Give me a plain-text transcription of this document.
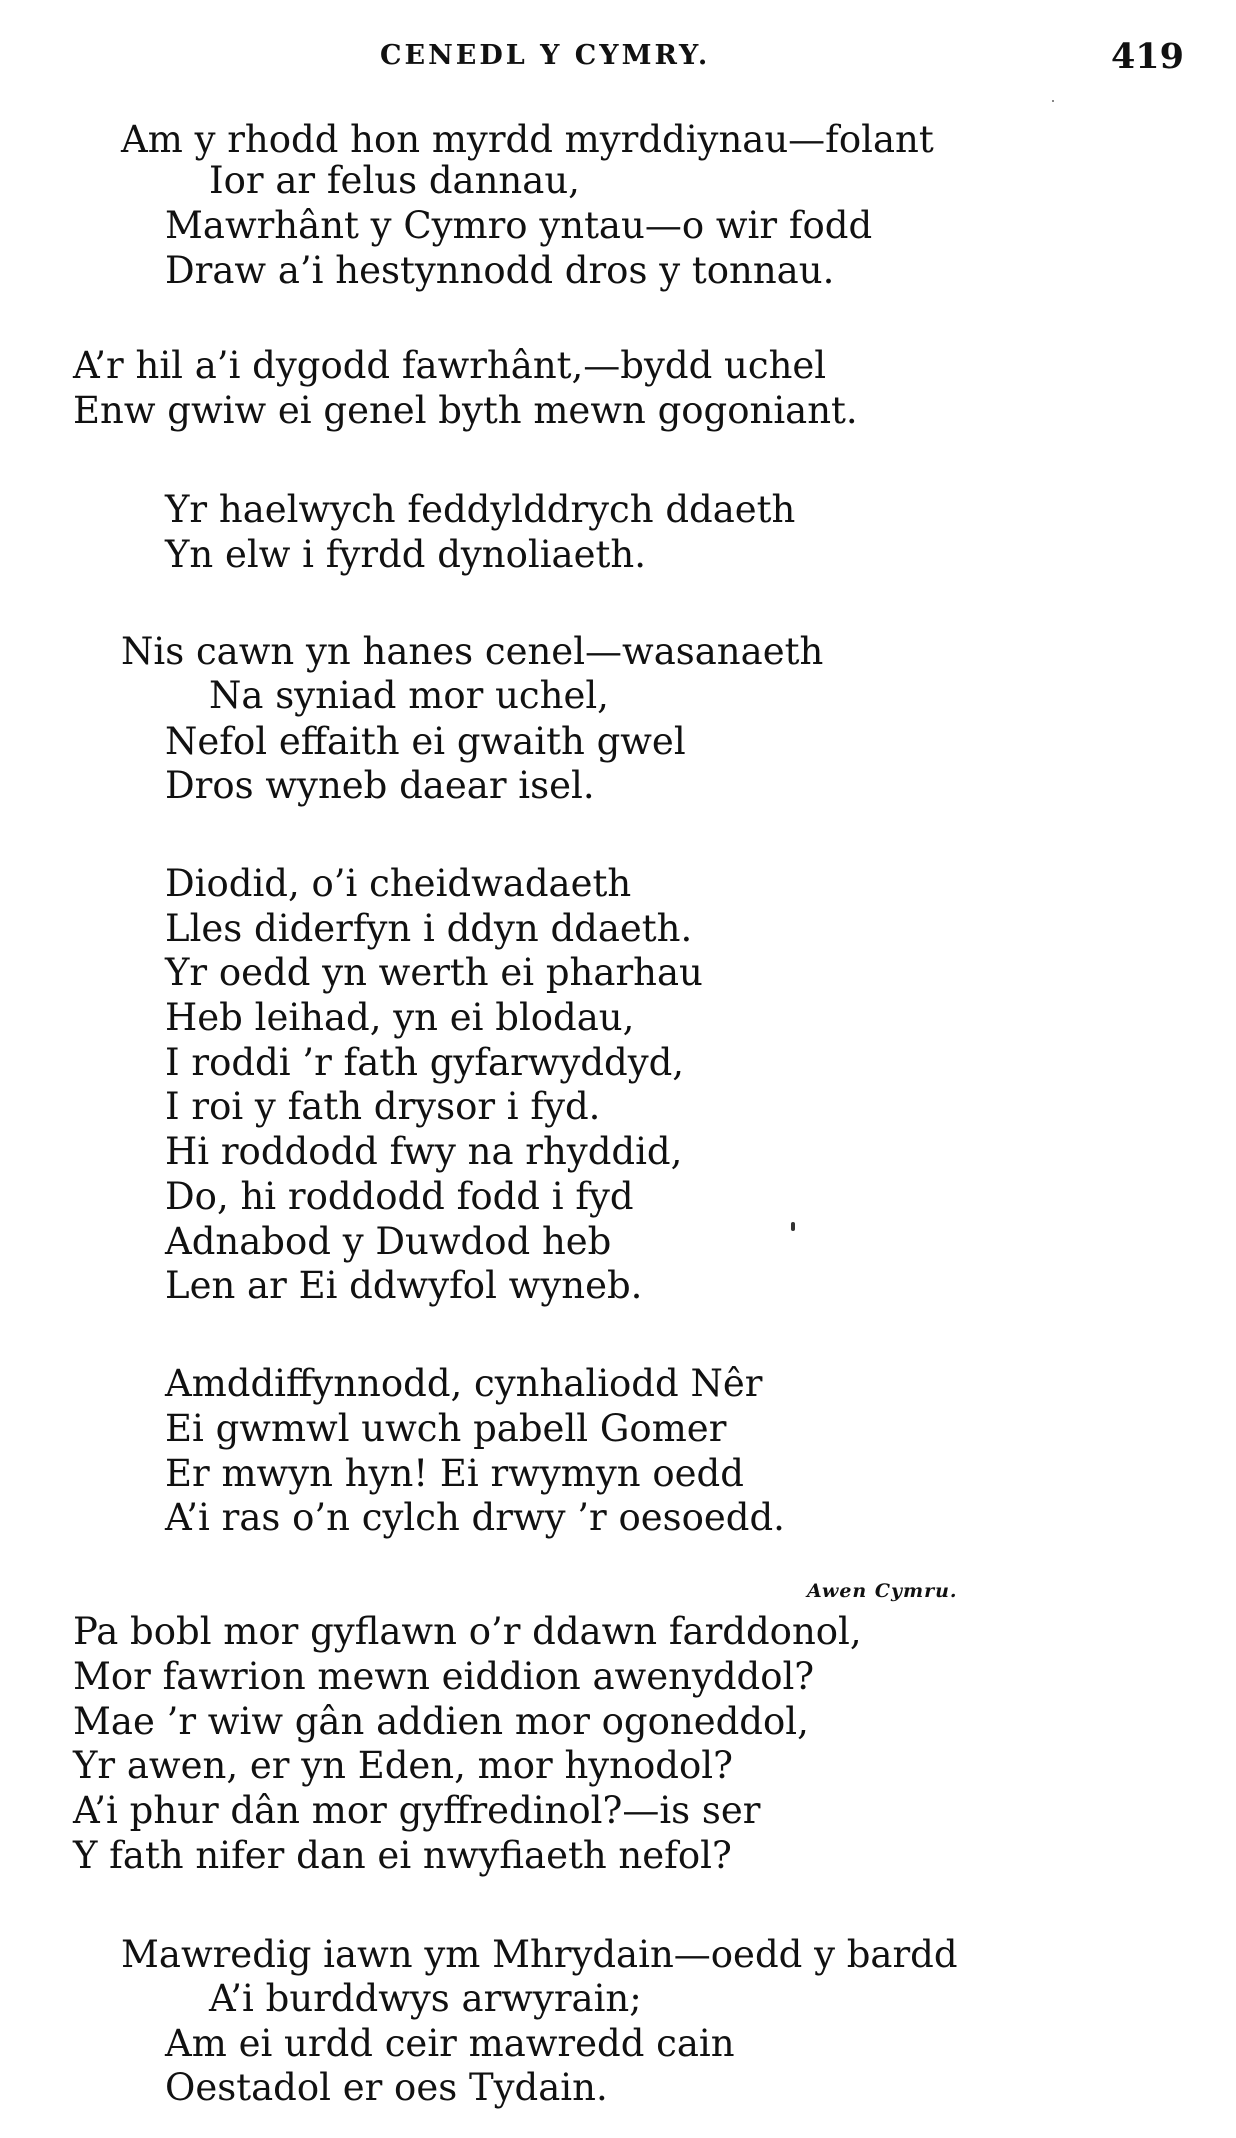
CENEDL Y CYMRY.	419
Am y rhodd hon myrdd myrddiynau—folant
Ior ar felus dannau,
Mawrhânt y Cymro yntau—o wir fodd
Draw a’i hestynnodd dros y tonnau.
A’r hil a’i dygodd fawrhânt,—bydd uchel
Enw gwiw ei genel byth mewn gogoniant.
Yr haelwych feddylddrych ddaeth
Yn elw i fyrdd dynoliaeth.
Nis cawn yn hanes cenel—wasanaeth
Na syniad mor uchel,
Nefol effaith ei gwaith gwel
Dros wyneb daear isel.
Diodid, o’i cheidwadaeth
Lles diderfyn i ddyn ddaeth.
Yr oedd yn werth ei pharhau
Heb leihad, yn ei blodau,
I roddi ’r fath gyfarwyddyd,
I roi y fath drysor i fyd.
Hi roddodd fwy na rhyddid,
Do, hi roddodd fodd i fyd
Adnabod y Duwdod heb
Len ar Ei ddwyfol wyneb.
Amddiffynnodd, cynhaliodd Nêr
Ei gwmwl uwch pabell Gomer
Er mwyn hyn! Ei rwymyn oedd
A’i ras o’n cylch drwy ’r oesoedd.
Awen Cymru.
Pa bobl mor gyflawn o’r ddawn farddonol,
Mor fawrion mewn eiddion awenyddol?
Mae ’r wiw gân addien mor ogoneddol,
Yr awen, er yn Eden, mor hynodol?
A’i phur dân mor gyffredinol?—is ser
Y fath nifer dan ei nwyfiaeth nefol?
Mawredig iawn ym Mhrydain—oedd y bardd
A’i burddwys arwyrain;
Am ei urdd ceir mawredd cain
Oestadol er oes Tydain.
